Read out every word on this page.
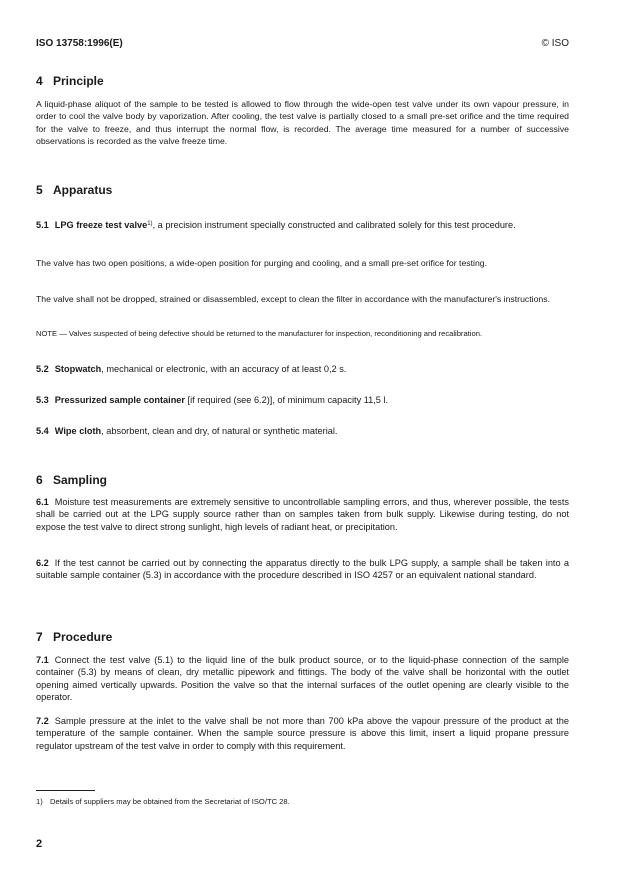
ISO 13758:1996(E)	© ISO
4 Principle
A liquid-phase aliquot of the sample to be tested is allowed to flow through the wide-open test valve under its own vapour pressure, in order to cool the valve body by vaporization. After cooling, the test valve is partially closed to a small pre-set orifice and the time required for the valve to freeze, and thus interrupt the normal flow, is recorded. The average time measured for a number of successive observations is recorded as the valve freeze time.
5 Apparatus
5.1 LPG freeze test valve$^{1)}$, a precision instrument specially constructed and calibrated solely for this test procedure.
The valve has two open positions, a wide-open position for purging and cooling, and a small pre-set orifice for testing.
The valve shall not be dropped, strained or disassembled, except to clean the filter in accordance with the manufacturer's instructions.
NOTE — Valves suspected of being defective should be returned to the manufacturer for inspection, reconditioning and recalibration.
5.2 Stopwatch, mechanical or electronic, with an accuracy of at least 0,2 s.
5.3 Pressurized sample container [if required (see 6.2)], of minimum capacity 11,5 l.
5.4 Wipe cloth, absorbent, clean and dry, of natural or synthetic material.
6 Sampling
6.1 Moisture test measurements are extremely sensitive to uncontrollable sampling errors, and thus, wherever possible, the tests shall be carried out at the LPG supply source rather than on samples taken from bulk supply. Likewise during testing, do not expose the test valve to direct strong sunlight, high levels of radiant heat, or precipitation.
6.2 If the test cannot be carried out by connecting the apparatus directly to the bulk LPG supply, a sample shall be taken into a suitable sample container (5.3) in accordance with the procedure described in ISO 4257 or an equivalent national standard.
7 Procedure
7.1 Connect the test valve (5.1) to the liquid line of the bulk product source, or to the liquid-phase connection of the sample container (5.3) by means of clean, dry metallic pipework and fittings. The body of the valve shall be horizontal with the outlet opening aimed vertically upwards. Position the valve so that the internal surfaces of the outlet opening are clearly visible to the operator.
7.2 Sample pressure at the inlet to the valve shall be not more than 700 kPa above the vapour pressure of the product at the temperature of the sample container. When the sample source pressure is above this limit, insert a liquid propane pressure regulator upstream of the test valve in order to comply with this requirement.
1) Details of suppliers may be obtained from the Secretariat of ISO/TC 28.
2
